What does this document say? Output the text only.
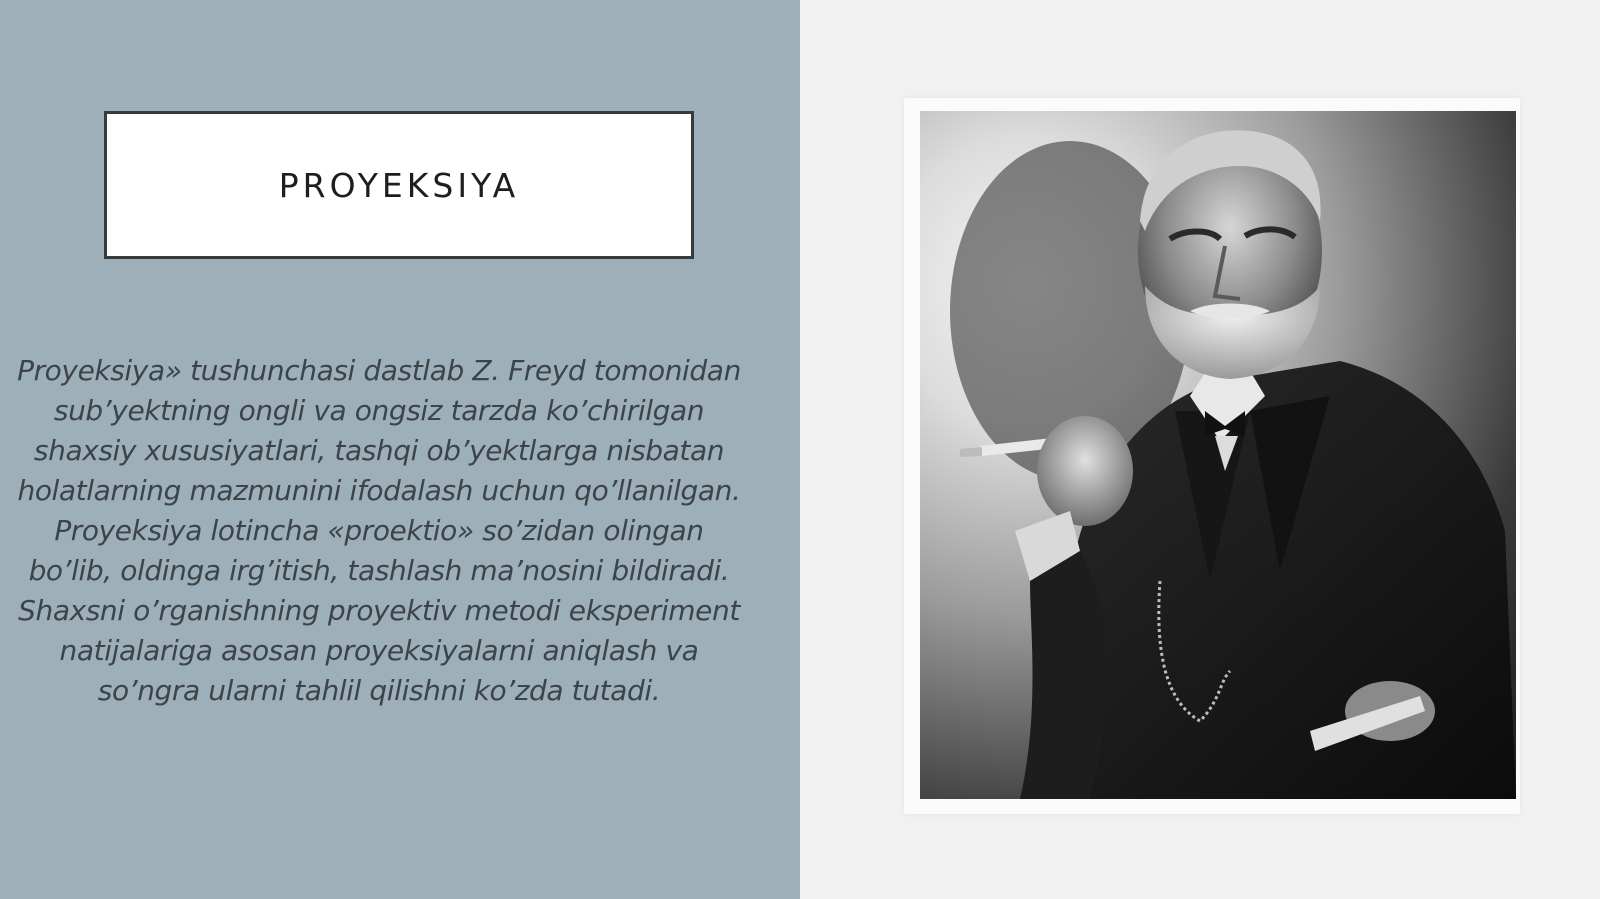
PROYEKSIYA

Proyeksiya» tushunchasi dastlab Z. Freyd tomonidan sub’yektning ongli va ongsiz tarzda ko’chirilgan shaxsiy xususiyatlari, tashqi ob’yektlarga nisbatan holatlarning mazmunini ifodalash uchun qo’llanilgan. Proyeksiya lotincha «proektio» so’zidan olingan bo’lib, oldinga irg’itish, tashlash ma’nosini bildiradi. Shaxsni o’rganishning proyektiv metodi eksperiment natijalariga asosan proyeksiyalarni aniqlash va so’ngra ularni tahlil qilishni ko’zda tutadi.
